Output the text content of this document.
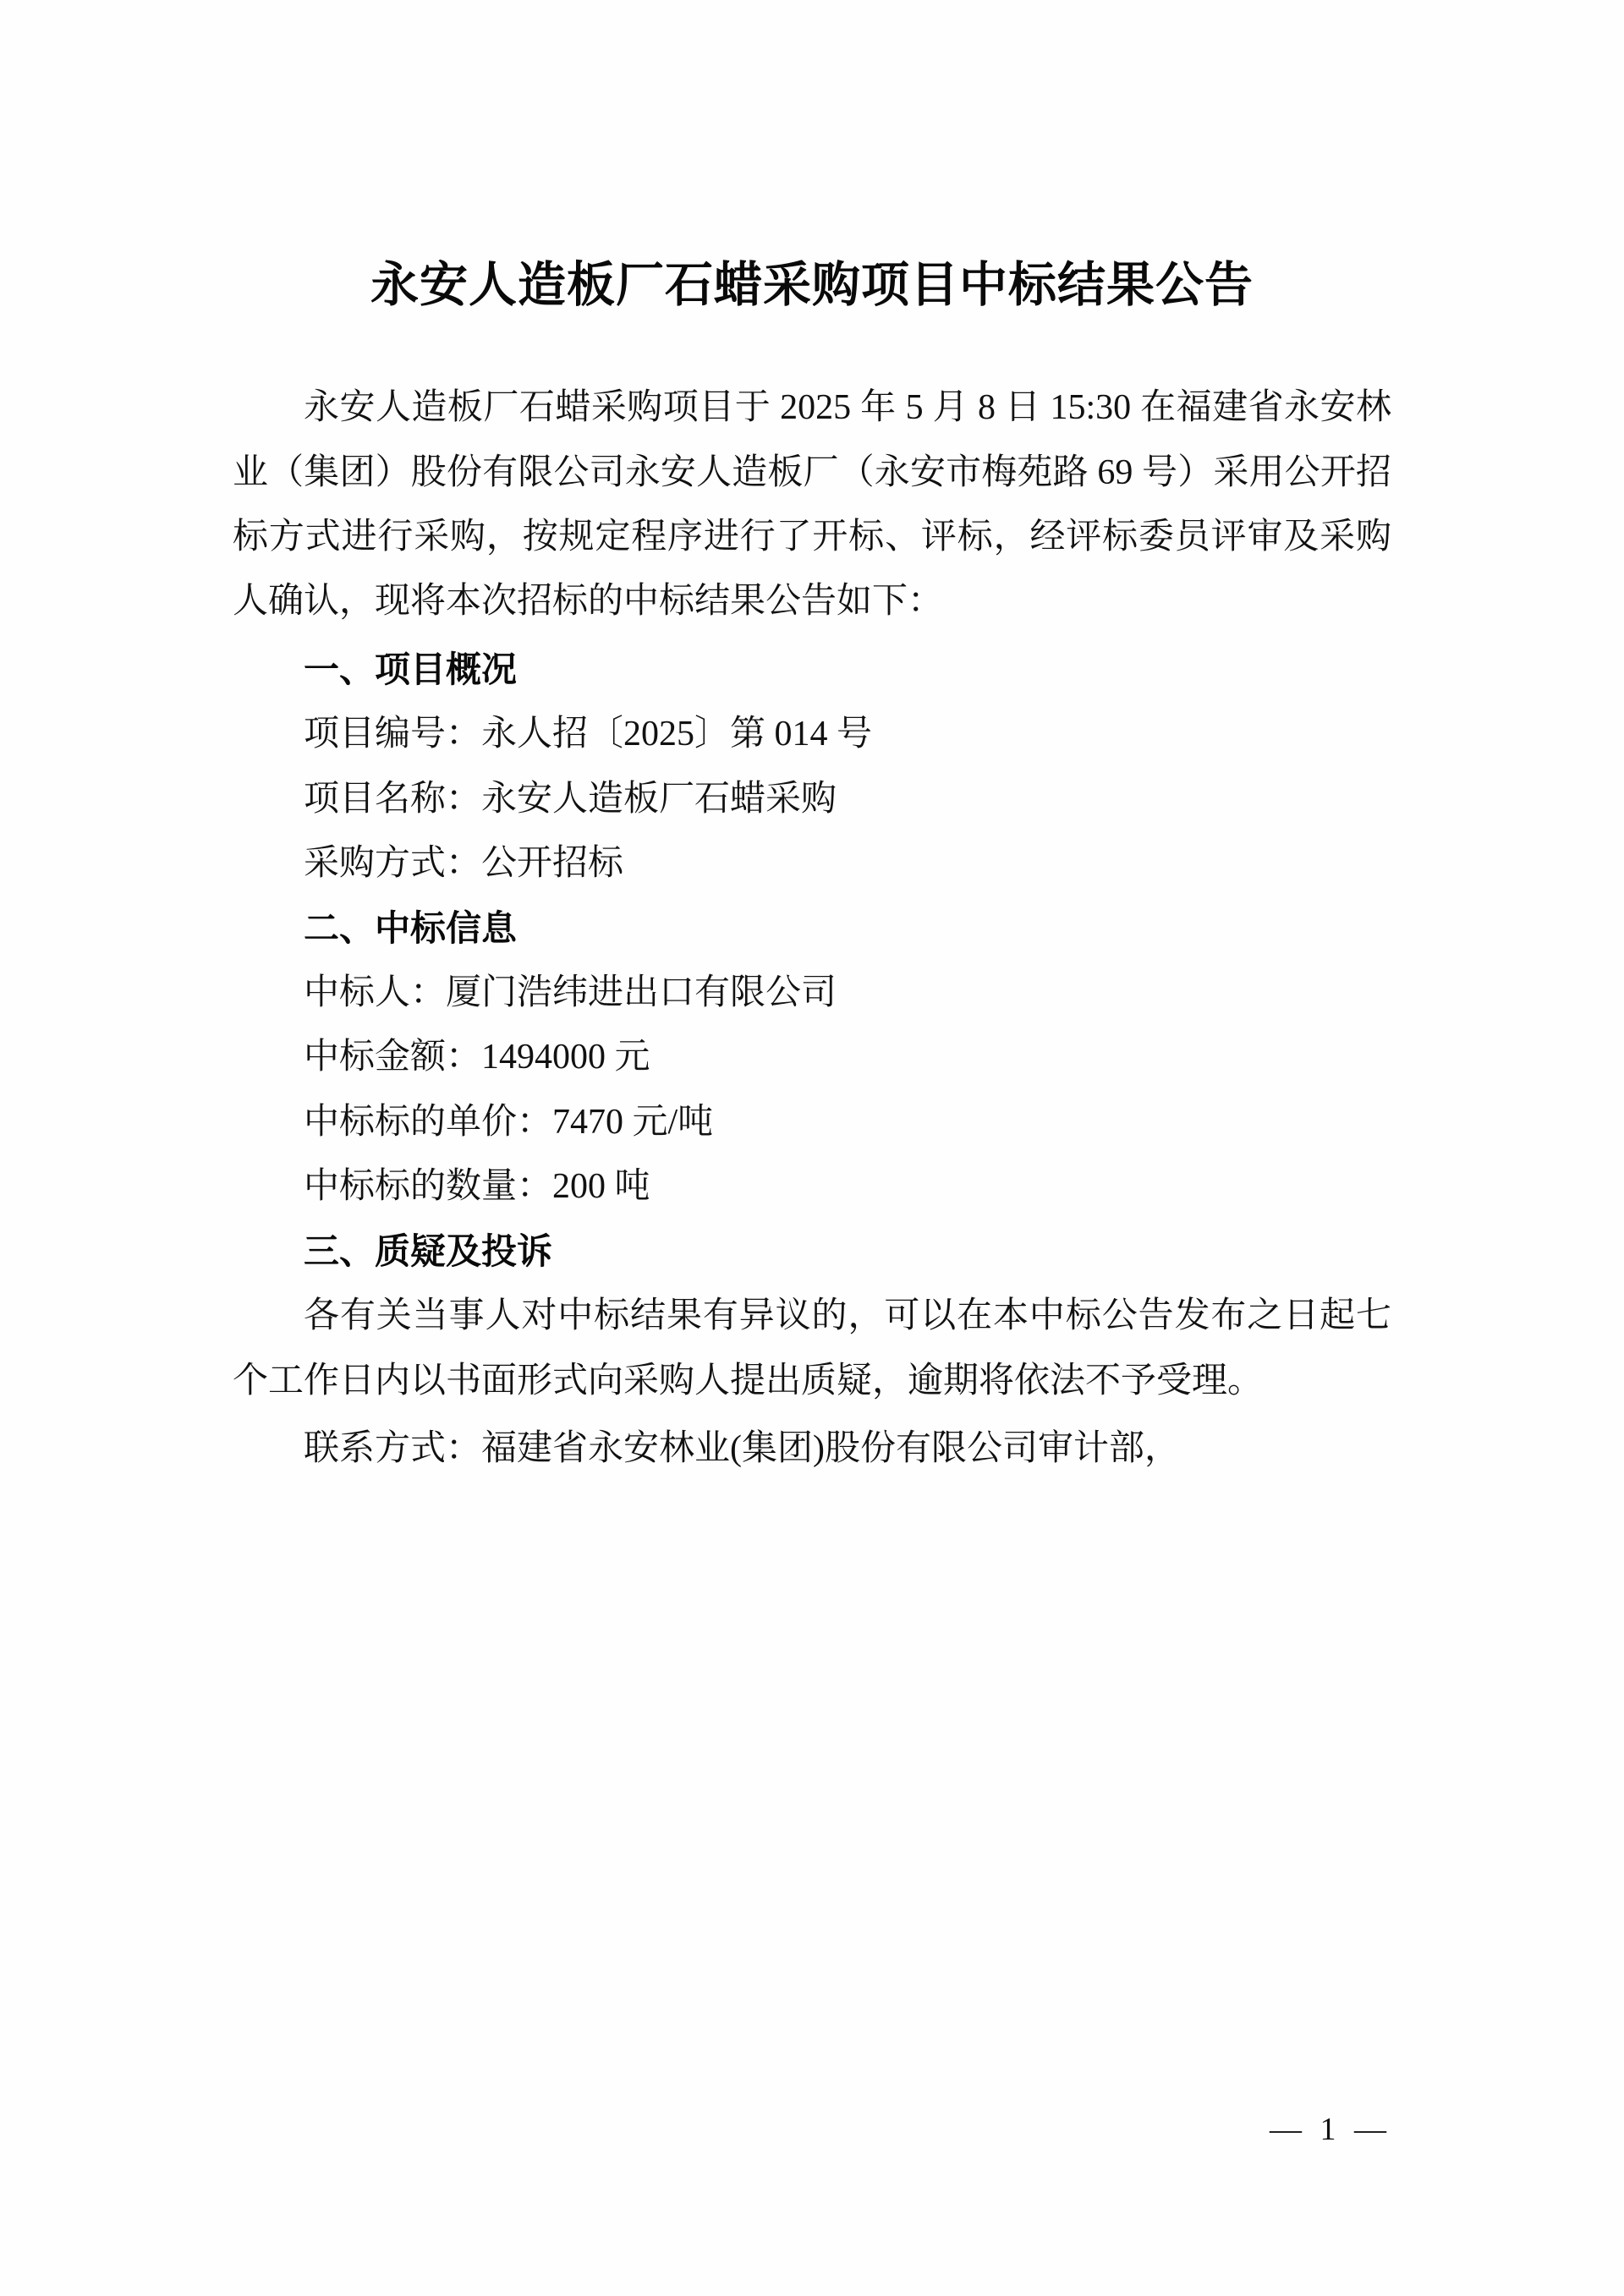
永安人造板厂石蜡采购项目中标结果公告

永安人造板厂石蜡采购项目于 2025 年 5 月 8 日 15:30 在福建省永安林业（集团）股份有限公司永安人造板厂（永安市梅苑路 69 号）采用公开招标方式进行采购，按规定程序进行了开标、评标，经评标委员评审及采购人确认，现将本次招标的中标结果公告如下：

一、项目概况

项目编号：永人招〔2025〕第 014 号

项目名称：永安人造板厂石蜡采购

采购方式：公开招标

二、中标信息

中标人：厦门浩纬进出口有限公司

中标金额：1494000 元

中标标的单价：7470 元/吨

中标标的数量：200 吨

三、质疑及投诉

各有关当事人对中标结果有异议的，可以在本中标公告发布之日起七个工作日内以书面形式向采购人提出质疑，逾期将依法不予受理。

联系方式：福建省永安林业(集团)股份有限公司审计部，

— 1 —
